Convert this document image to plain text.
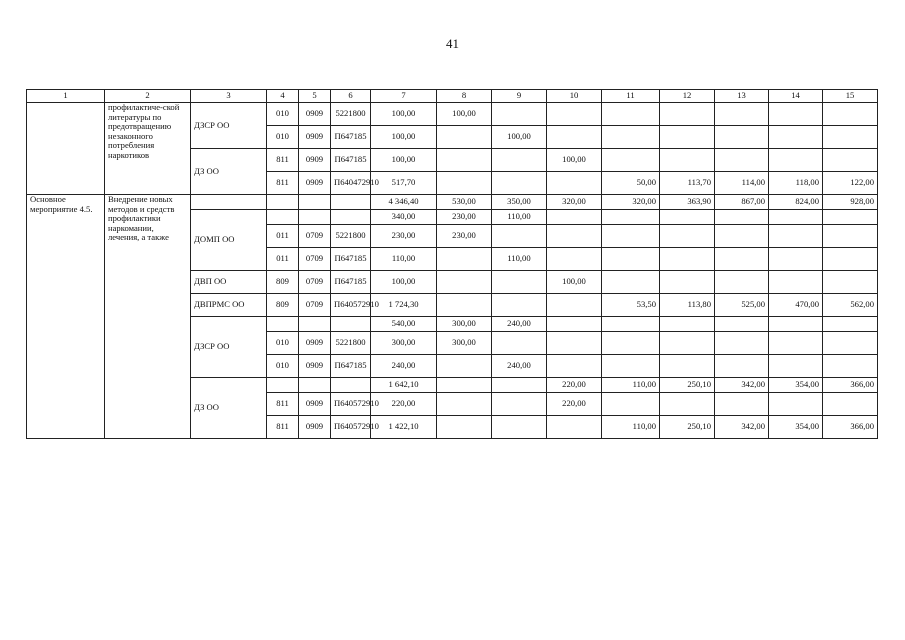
41
1	2	3	4	5	6	7	8	9	10	11	12	13	14	15
	профилактиче-ской литературы по предотвращению незаконного потребления наркотиков	ДЗСР ОО	010	0909	5221800	100,00	100,00							
			010	0909	П647185	100,00		100,00						
		ДЗ ОО	811	0909	П647185	100,00			100,00					
			811	0909	П640472910	517,70				50,00	113,70	114,00	118,00	122,00
Основное мероприятие 4.5.	Внедрение новых методов и средств профилактики наркомании, лечения, а также					4 346,40	530,00	350,00	320,00	320,00	363,90	867,00	824,00	928,00
		ДОМП ОО				340,00	230,00	110,00						
			011	0709	5221800	230,00	230,00							
			011	0709	П647185	110,00		110,00						
		ДВП ОО	809	0709	П647185	100,00			100,00					
		ДВПРМС ОО	809	0709	П640572910	1 724,30				53,50	113,80	525,00	470,00	562,00
		ДЗСР ОО				540,00	300,00	240,00						
			010	0909	5221800	300,00	300,00							
			010	0909	П647185	240,00		240,00						
		ДЗ ОО				1 642,10			220,00	110,00	250,10	342,00	354,00	366,00
			811	0909	П640572910	220,00			220,00					
			811	0909	П640572910	1 422,10				110,00	250,10	342,00	354,00	366,00
